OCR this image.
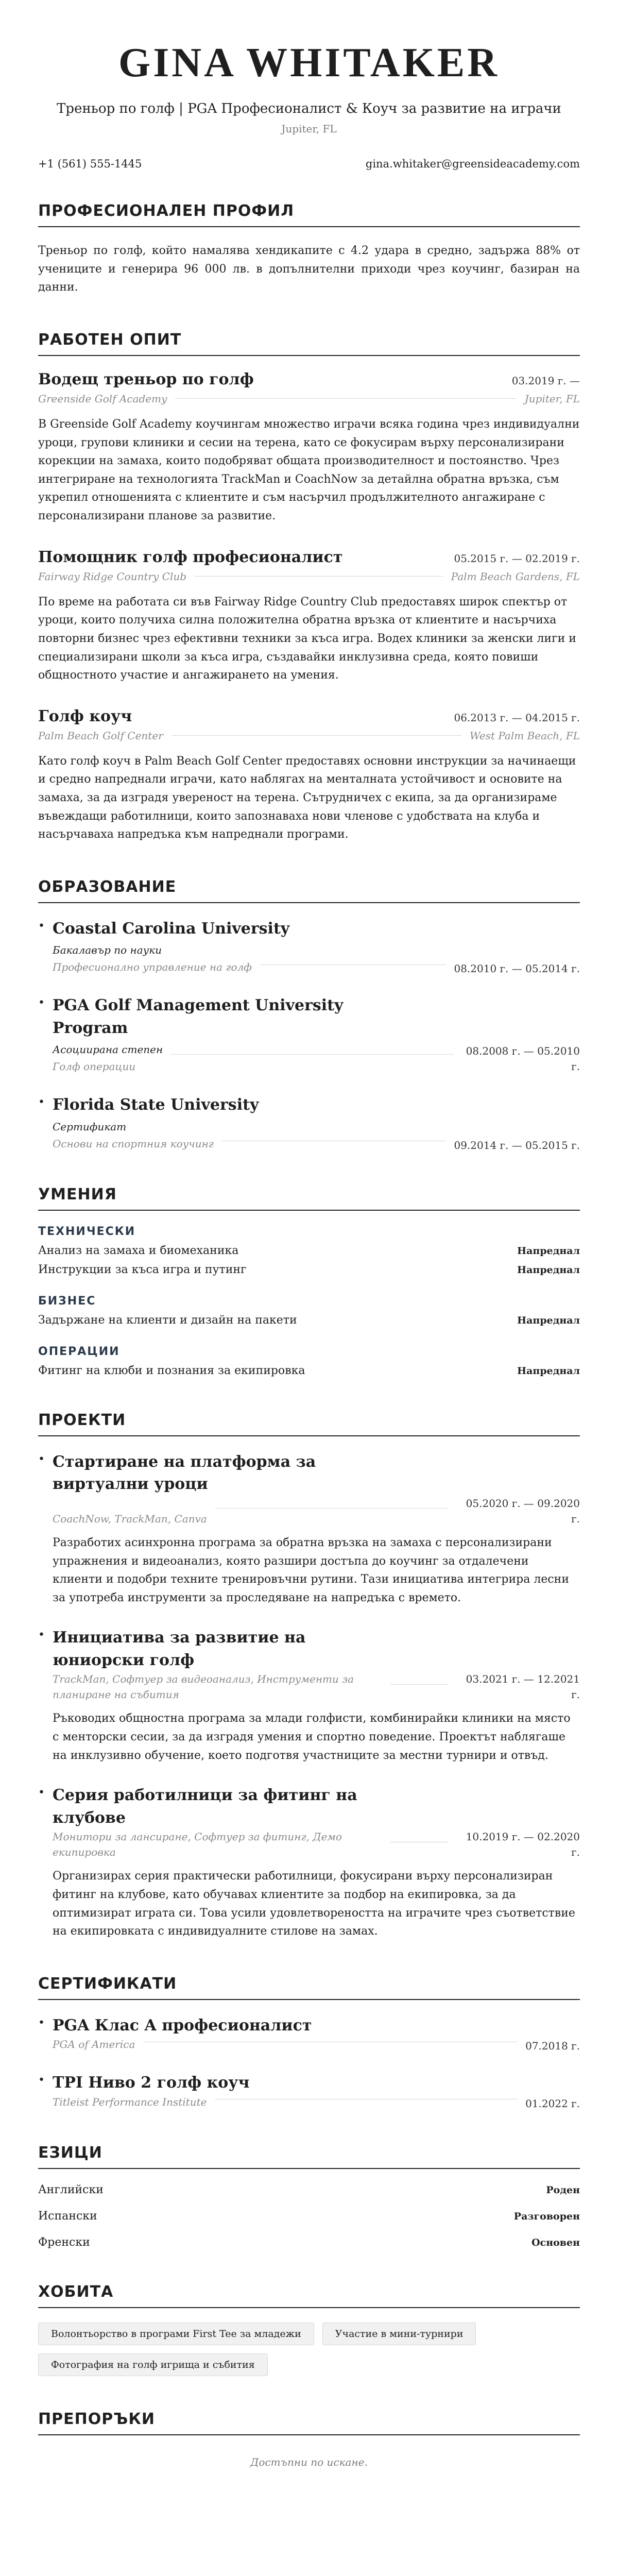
GINA WHITAKER
Треньор по голф | PGA Професионалист & Коуч за развитие на играчи
Jupiter, FL
+1 (561) 555-1445	gina.whitaker@greensideacademy.com
ПРОФЕСИОНАЛЕН ПРОФИЛ

Треньор по голф, който намалява хендикапите с 4.2 удара в средно, задържа 88% от учениците и генерира 96 000 лв. в допълнителни приходи чрез коучинг, базиран на данни.

РАБОТЕН ОПИТ
Водещ треньор по голф	03.2019 г. —
Greenside Golf Academy	Jupiter, FL

В Greenside Golf Academy коучингам множество играчи всяка година чрез индивидуални уроци, групови клиники и сесии на терена, като се фокусирам върху персонализирани корекции на замаха, които подобряват общата производителност и постоянство. Чрез интегриране на технологията TrackMan и CoachNow за детайлна обратна връзка, съм укрепил отношенията с клиентите и съм насърчил продължителното ангажиране с персонализирани планове за развитие.

Помощник голф професионалист	05.2015 г. — 02.2019 г.
Fairway Ridge Country Club	Palm Beach Gardens, FL

По време на работата си във Fairway Ridge Country Club предоставях широк спектър от уроци, които получиха силна положителна обратна връзка от клиентите и насърчиха повторни бизнес чрез ефективни техники за къса игра. Водех клиники за женски лиги и специализирани школи за къса игра, създавайки инклузивна среда, която повиши общностното участие и ангажирането на умения.

Голф коуч	06.2013 г. — 04.2015 г.
Palm Beach Golf Center	West Palm Beach, FL

Като голф коуч в Palm Beach Golf Center предоставях основни инструкции за начинаещи и средно напреднали играчи, като наблягах на менталната устойчивост и основите на замаха, за да изградя увереност на терена. Сътрудничех с екипа, за да организираме въвеждащи работилници, които запознаваха нови членове с удобствата на клуба и насърчаваха напредъка към напреднали програми.

ОБРАЗОВАНИЕ
• Coastal Carolina University
Бакалавър по науки
Професионално управление на голф	08.2010 г. — 05.2014 г.
• PGA Golf Management University Program
Асоциирана степен
Голф операции
08.2008 г. — 05.2010 г.
• Florida State University
Сертификат
Основи на спортния коучинг	09.2014 г. — 05.2015 г.
УМЕНИЯ
ТЕХНИЧЕСКИ
Анализ на замаха и биомеханика	Напреднал
Инструкции за къса игра и путинг	Напреднал
БИЗНЕС
Задържане на клиенти и дизайн на пакети	Напреднал
ОПЕРАЦИИ
Фитинг на клюби и познания за екипировка	Напреднал
ПРОЕКТИ
• Стартиране на платформа за виртуални уроци
CoachNow, TrackMan, Canva
05.2020 г. — 09.2020 г.

Разработих асинхронна програма за обратна връзка на замаха с персонализирани упражнения и видеоанализ, която разшири достъпа до коучинг за отдалечени клиенти и подобри техните тренировъчни рутини. Тази инициатива интегрира лесни за употреба инструменти за проследяване на напредъка с времето.

• Инициатива за развитие на юниорски голф
TrackMan, Софтуер за видеоанализ, Инструменти за планиране на събития
03.2021 г. — 12.2021 г.

Ръководих общностна програма за млади голфисти, комбинирайки клиники на място с менторски сесии, за да изградя умения и спортно поведение. Проектът наблягаше на инклузивно обучение, което подготвя участниците за местни турнири и отвъд.

• Серия работилници за фитинг на клубове
Монитори за лансиране, Софтуер за фитинг, Демо екипировка
10.2019 г. — 02.2020 г.

Организирах серия практически работилници, фокусирани върху персонализиран фитинг на клубове, като обучавах клиентите за подбор на екипировка, за да оптимизират играта си. Това усили удовлетвореността на играчите чрез съответствие на екипировката с индивидуалните стилове на замах.

СЕРТИФИКАТИ
• PGA Клас A професионалист
PGA of America	07.2018 г.
• TPI Ниво 2 голф коуч
Titleist Performance Institute	01.2022 г.
ЕЗИЦИ
Английски	Роден
Испански	Разговорен
Френски	Основен
ХОБИТА
Волонтьорство в програми First Tee за младежи	Участие в мини-турнири
Фотография на голф игрища и събития
ПРЕПОРЪКИ
Достъпни по искане.
